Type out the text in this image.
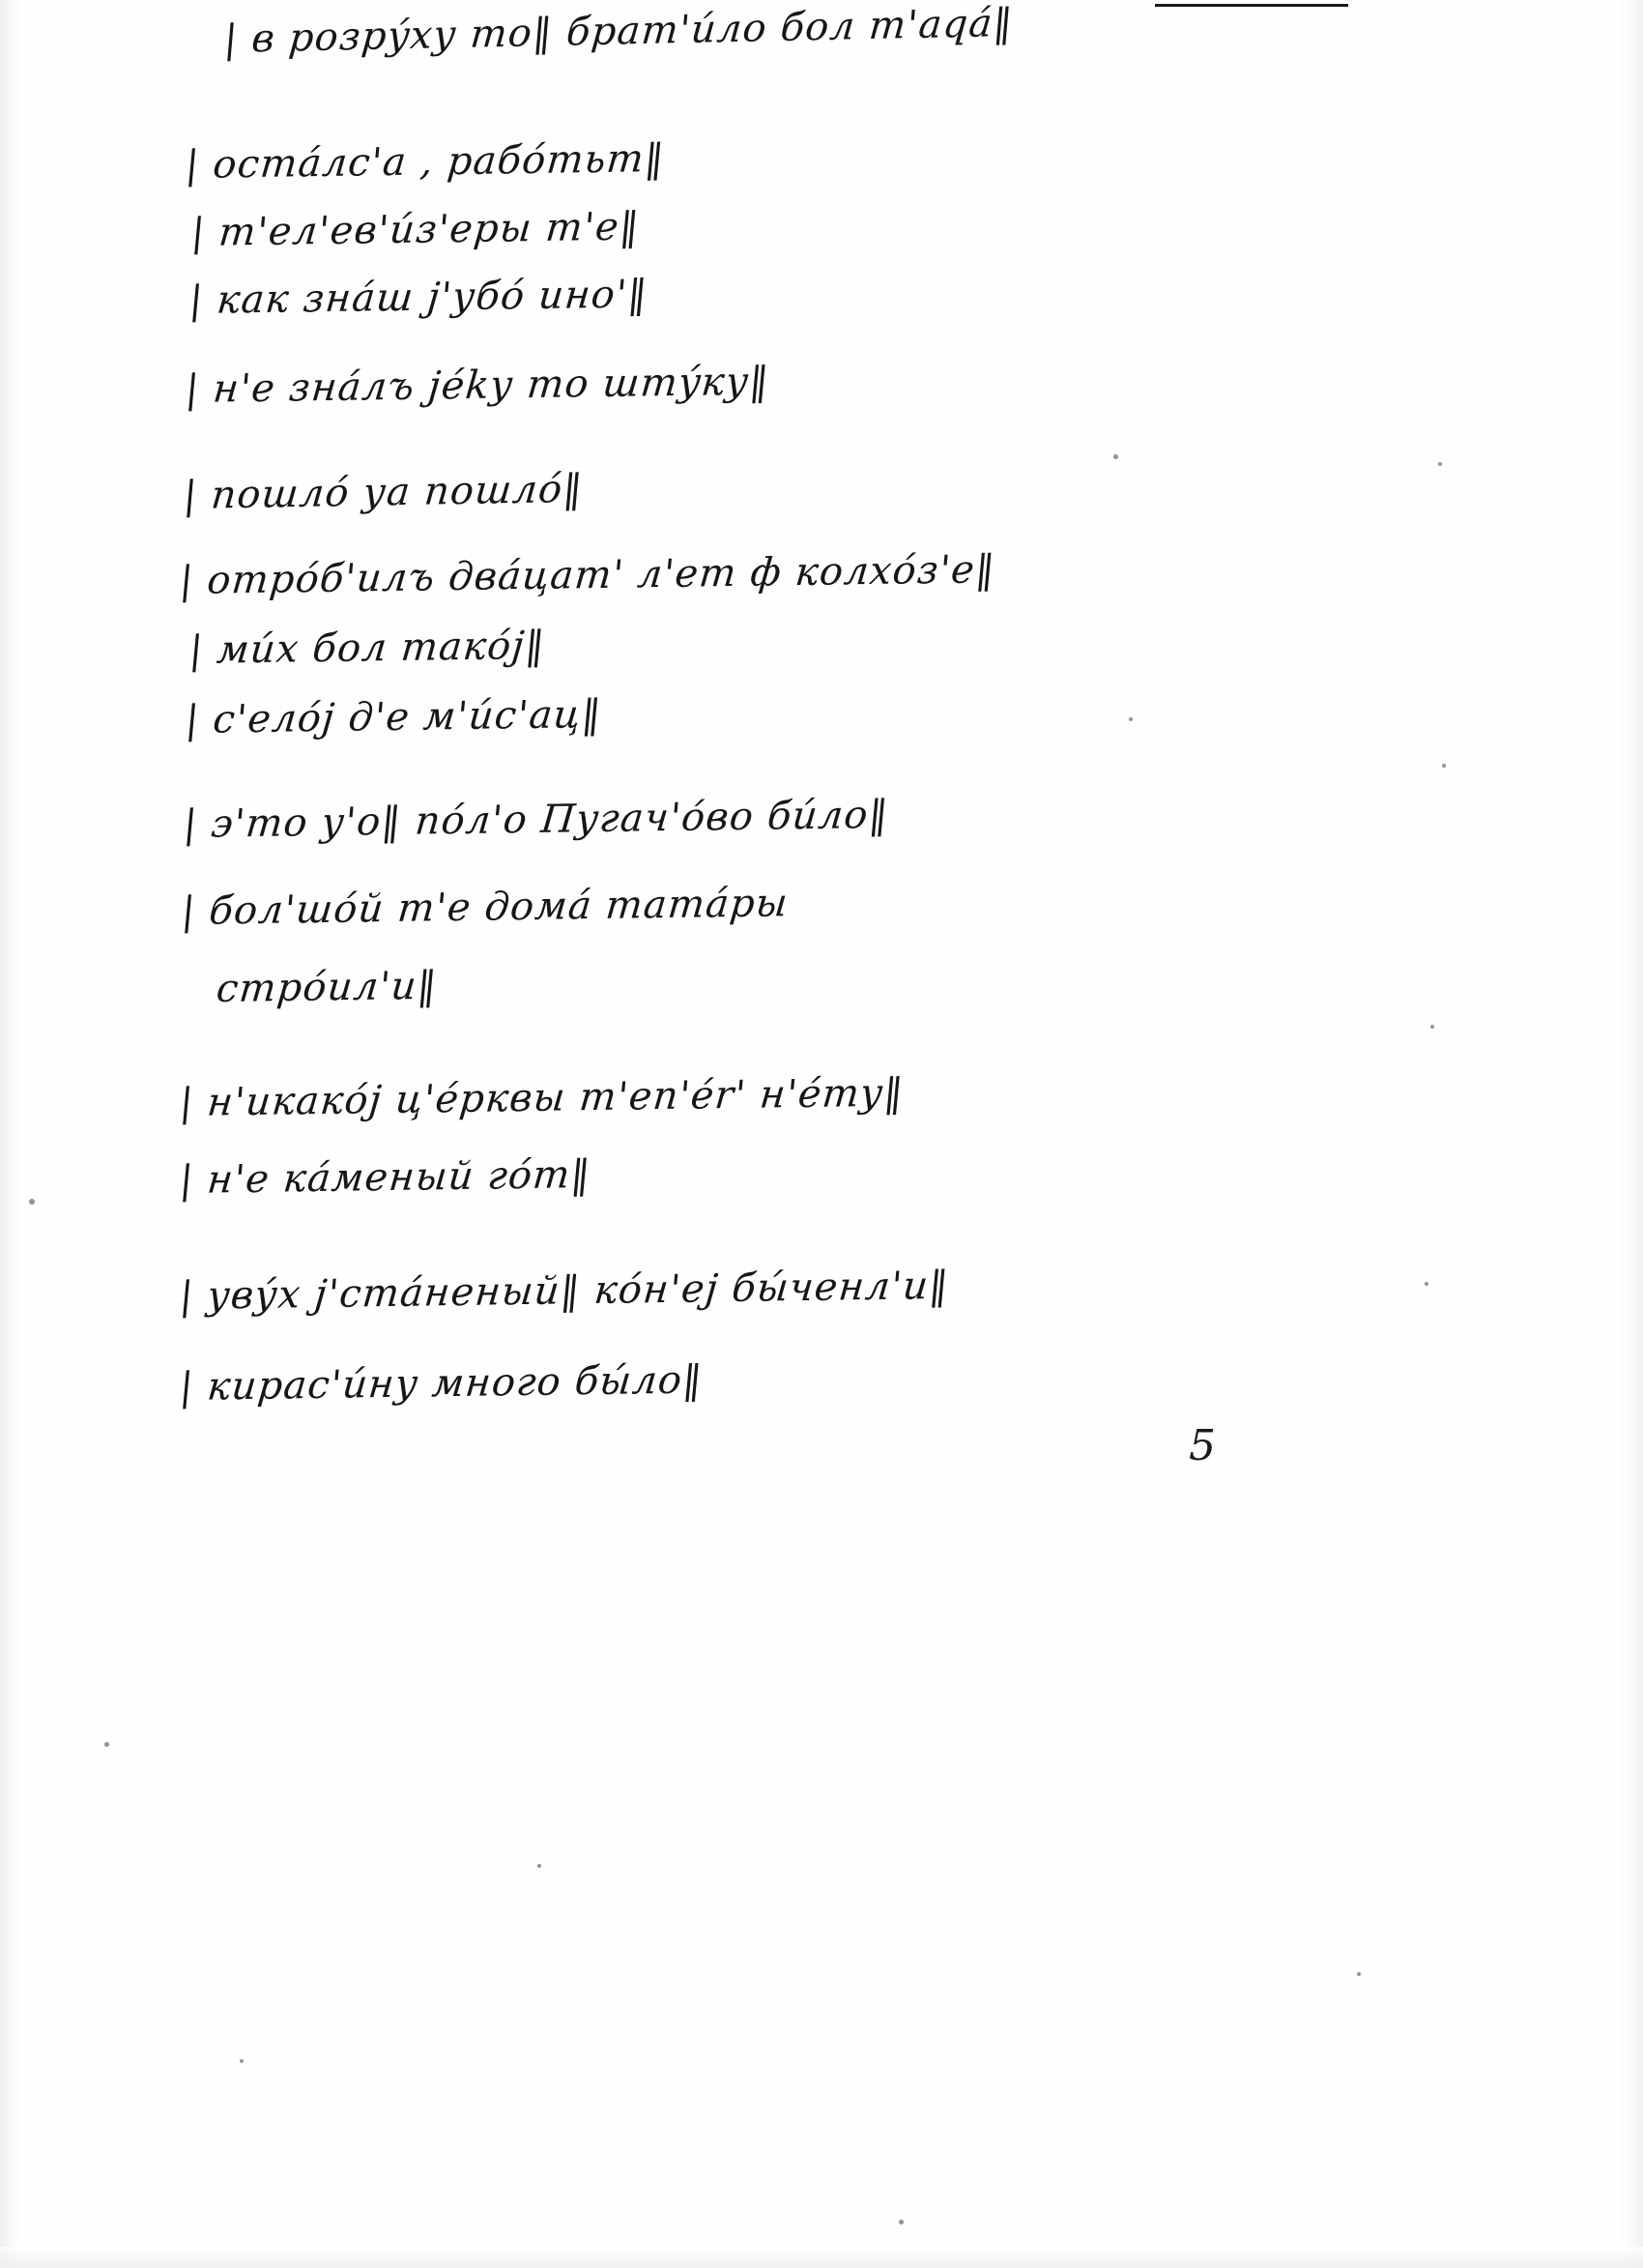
| в розрýху то‖ брат'úло бол т'аqá‖
| остáлс'а , рабóтьт‖
| т'ел'ев'úз'еры т'е‖
| как знáш j'убó ино'‖
| н'е знáлъ jékу то штýку‖
| пошлó уа пошлó‖
| отрóб'илъ двáцат' л'ет ф колхóз'е‖
| мúх бол такój‖
| с'елój д'е м'úс'ац‖
| э'то у'о‖ пóл'о Пугач'óво бúло‖
| бол'шóй т'е домá татáры
стрóил'и‖
| н'икакój ц'éрквы т'еп'ér' н'éту‖
| н'е кáменый гóт‖
| уву́х j'стáненый‖ кóн'еj бы́ченл'и‖
| кирас'úну много бы́ло‖
5
